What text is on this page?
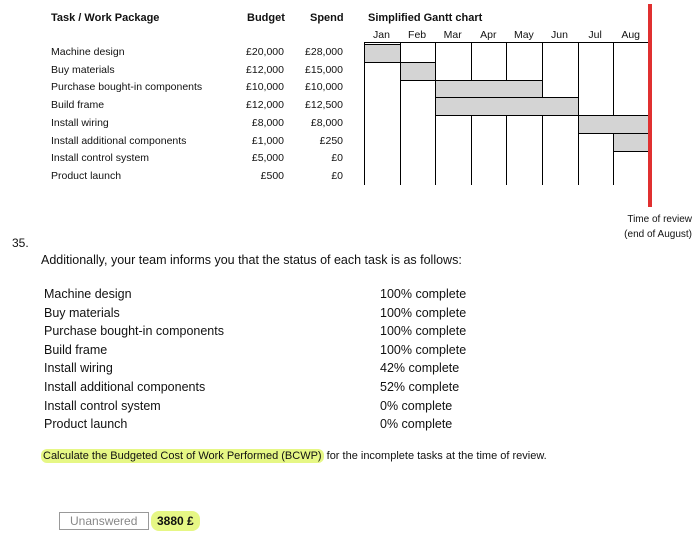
Task / Work Package	Budget Spend
Machine design	£20,000	£28,000
Buy materials	£12,000	£15,000
Purchase bought-in components	£10,000	£10,000
Build frame	£12,000	£12,500
Install wiring	£8,000	£8,000
Install additional components	£1,000	£250
Install control system	£5,000	£0
Product launch	£500	£0
Simplified Gantt chart
Jan	Feb	Mar	Apr	May	Jun	Jul	Aug
Time of review
(end of August)
35.
Additionally, your team informs you that the status of each task is as follows:
Machine design	100% complete
Buy materials	100% complete
Purchase bought-in components	100% complete
Build frame	100% complete
Install wiring	42% complete
Install additional components	52% complete
Install control system	0% complete
Product launch	0% complete
Calculate the Budgeted Cost of Work Performed (BCWP) for the incomplete tasks at the time of review.
Unanswered	3880 £
